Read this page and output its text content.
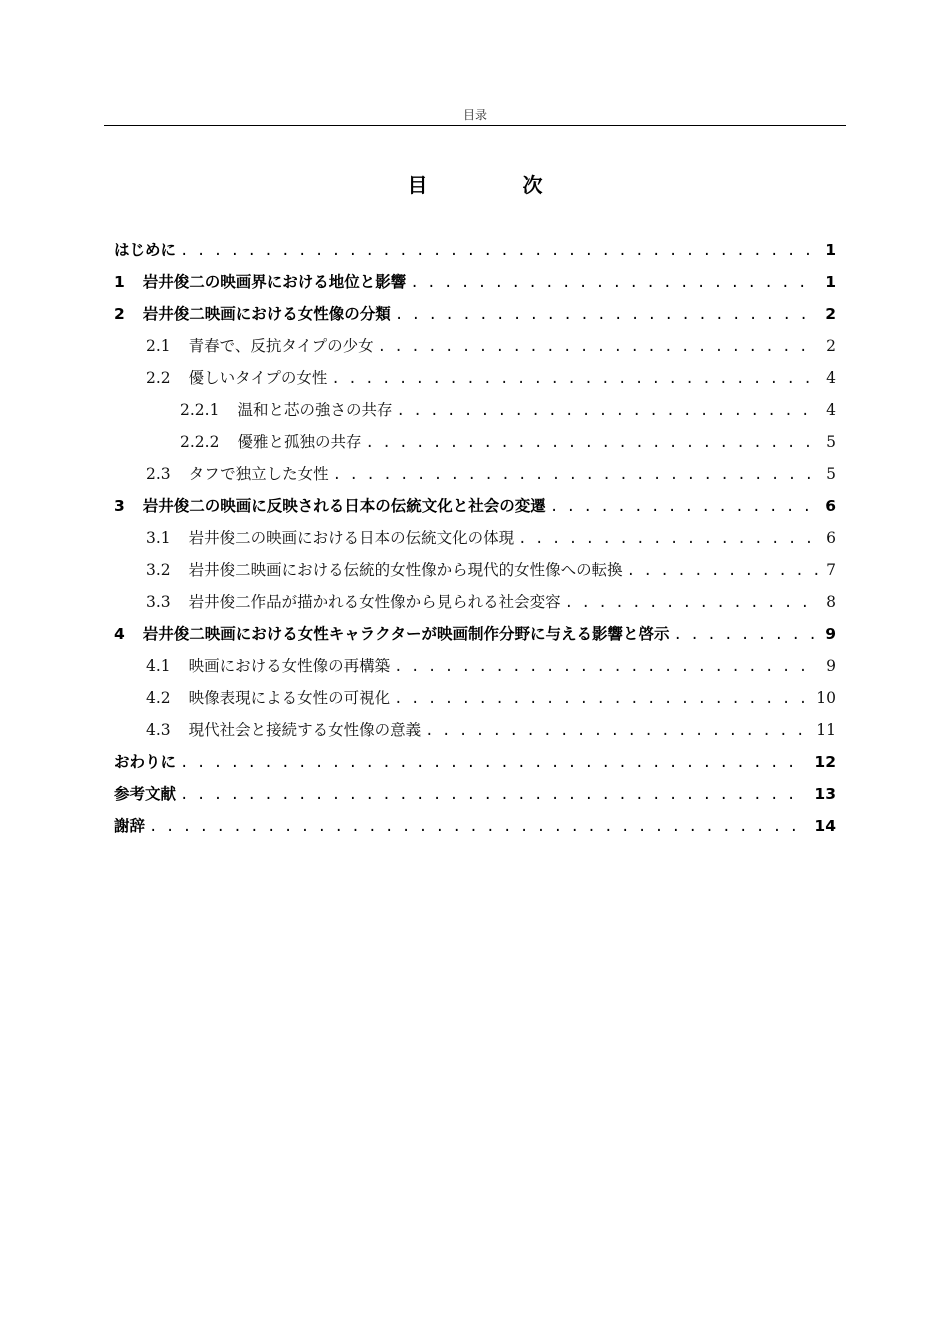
目录
目 次
はじめに . . .	1
1 岩井俊二の映画界における地位と影響 . . .	1
2 岩井俊二映画における女性像の分類 . . .	2
2.1 青春で、反抗タイプの少女 . . .	2
2.2 優しいタイプの女性 . . .	4
2.2.1 温和と芯の強さの共存 . . .	4
2.2.2 優雅と孤独の共存 . . .	5
2.3 タフで独立した女性 . . .	5
3 岩井俊二の映画に反映される日本の伝統文化と社会の変遷 . . .	6
3.1 岩井俊二の映画における日本の伝統文化の体現 . . .	6
3.2 岩井俊二映画における伝統的女性像から現代的女性像への転換 . . .	7
3.3 岩井俊二作品が描かれる女性像から見られる社会変容 . . .	8
4 岩井俊二映画における女性キャラクターが映画制作分野に与える影響と啓示 . . .	9
4.1 映画における女性像の再構築 . . .	9
4.2 映像表現による女性の可視化 . . .	10
4.3 現代社会と接続する女性像の意義 . . .	11
おわりに . . .	12
参考文献 . . .	13
謝辞 . . .	14
